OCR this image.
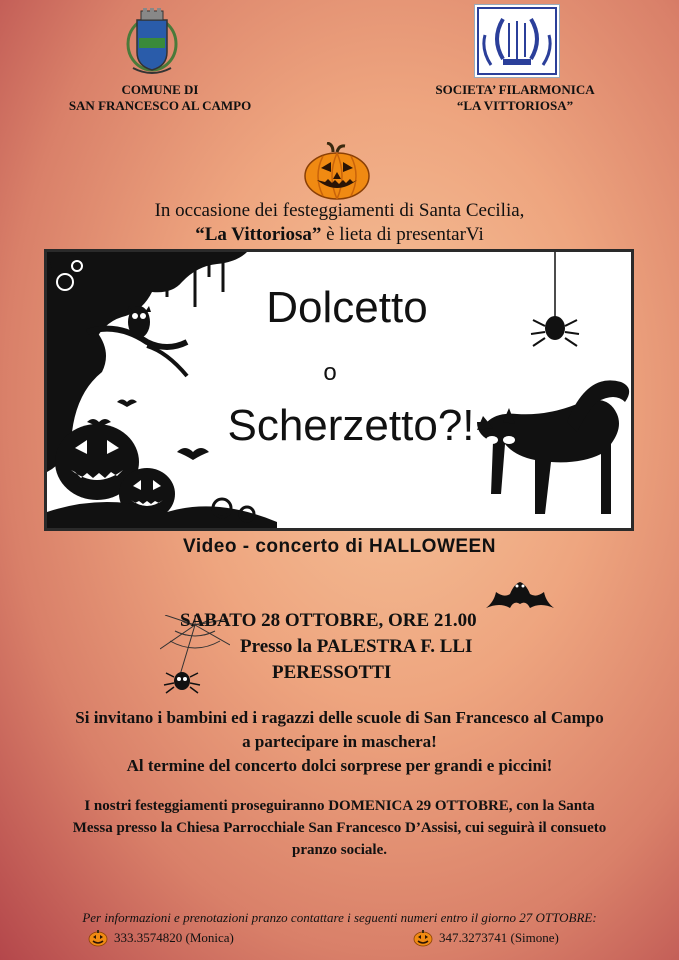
COMUNE DI
SAN FRANCESCO AL CAMPO
SOCIETA’ FILARMONICA
“LA VITTORIOSA”
In occasione dei festeggiamenti di Santa Cecilia,
“La Vittoriosa” è lieta di presentarVi
Dolcetto
o
Scherzetto?!
Video - concerto di HALLOWEEN
SABATO 28 OTTOBRE, ORE 21.00
Presso la PALESTRA F. LLI
PERESSOTTI
Si invitano i bambini ed i ragazzi delle scuole di San Francesco al Campo
a partecipare in maschera!
Al termine del concerto dolci sorprese per grandi e piccini!
I nostri festeggiamenti proseguiranno DOMENICA 29 OTTOBRE, con la Santa
Messa presso la Chiesa Parrocchiale San Francesco D’Assisi, cui seguirà il consueto
pranzo sociale.
Per informazioni e prenotazioni pranzo contattare i seguenti numeri entro il giorno 27 OTTOBRE:
333.3574820 (Monica)	347.3273741 (Simone)
